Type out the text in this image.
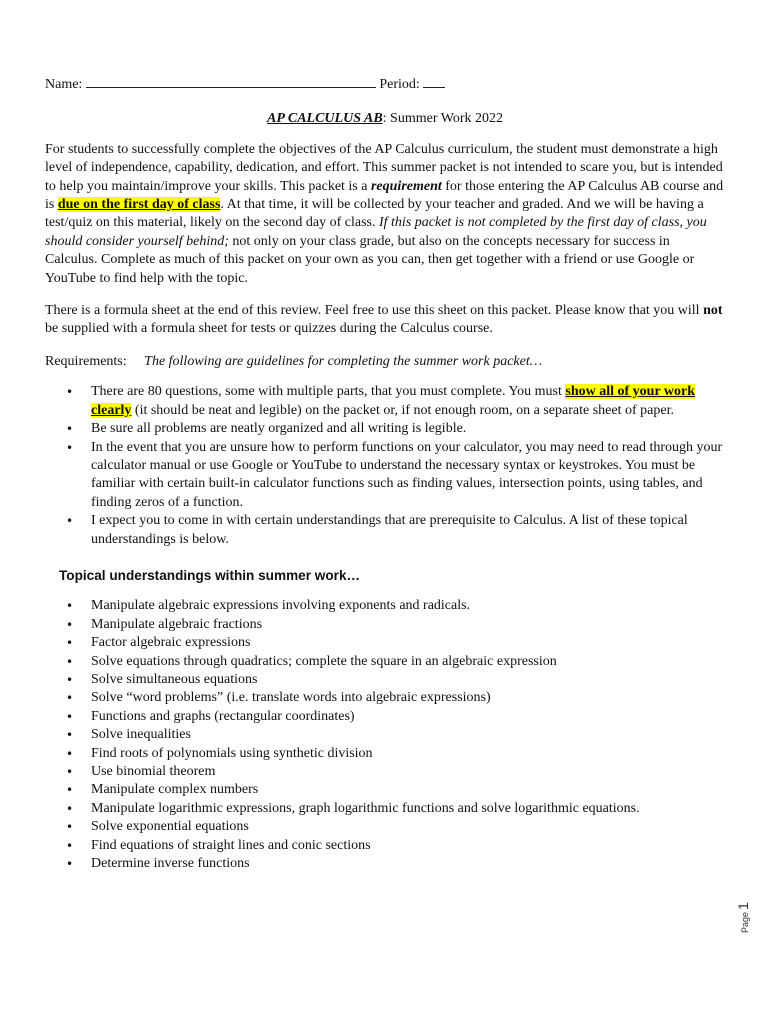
Name:	Period:
AP CALCULUS AB: Summer Work 2022

For students to successfully complete the objectives of the AP Calculus curriculum, the student must demonstrate a high level of independence, capability, dedication, and effort. This summer packet is not intended to scare you, but is intended to help you maintain/improve your skills. This packet is a requirement for those entering the AP Calculus AB course and is due on the first day of class. At that time, it will be collected by your teacher and graded. And we will be having a test/quiz on this material, likely on the second day of class. If this packet is not completed by the first day of class, you should consider yourself behind; not only on your class grade, but also on the concepts necessary for success in Calculus. Complete as much of this packet on your own as you can, then get together with a friend or use Google or YouTube to find help with the topic.

There is a formula sheet at the end of this review. Feel free to use this sheet on this packet. Please know that you will not be supplied with a formula sheet for tests or quizzes during the Calculus course.

Requirements: The following are guidelines for completing the summer work packet…
• There are 80 questions, some with multiple parts, that you must complete. You must show all of your work clearly (it should be neat and legible) on the packet or, if not enough room, on a separate sheet of paper.
• Be sure all problems are neatly organized and all writing is legible.
• In the event that you are unsure how to perform functions on your calculator, you may need to read through your calculator manual or use Google or YouTube to understand the necessary syntax or keystrokes. You must be familiar with certain built-in calculator functions such as finding values, intersection points, using tables, and finding zeros of a function.
• I expect you to come in with certain understandings that are prerequisite to Calculus. A list of these topical understandings is below.
Topical understandings within summer work…
• Manipulate algebraic expressions involving exponents and radicals.
• Manipulate algebraic fractions
• Factor algebraic expressions
• Solve equations through quadratics; complete the square in an algebraic expression
• Solve simultaneous equations
• Solve “word problems” (i.e. translate words into algebraic expressions)
• Functions and graphs (rectangular coordinates)
• Solve inequalities
• Find roots of polynomials using synthetic division
• Use binomial theorem
• Manipulate complex numbers
• Manipulate logarithmic expressions, graph logarithmic functions and solve logarithmic equations.
• Solve exponential equations
• Find equations of straight lines and conic sections
• Determine inverse functions
Page1
